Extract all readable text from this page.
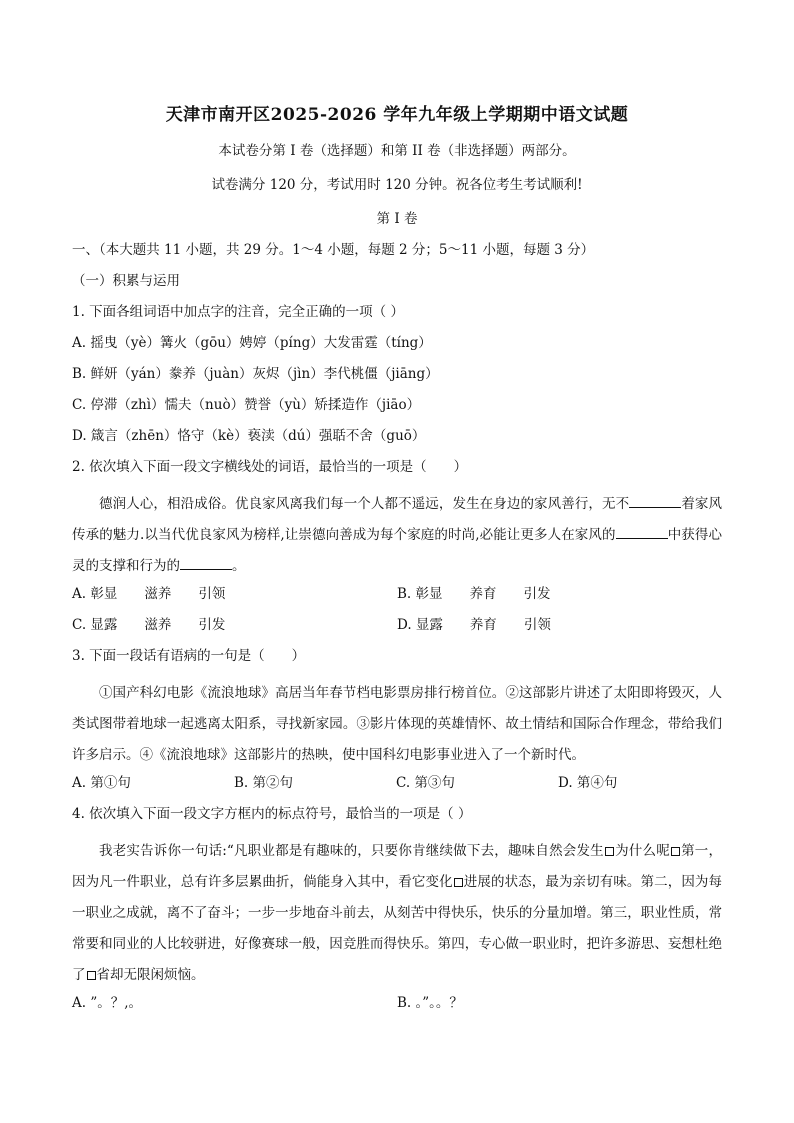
天津市南开区2025-2026 学年九年级上学期期中语文试题
本试卷分第 I 卷（选择题）和第 II 卷（非选择题）两部分。
试卷满分 120 分，考试用时 120 分钟。祝各位考生考试顺利!
第 I 卷
一、（本大题共 11 小题，共 29 分。1～4 小题，每题 2 分；5～11 小题，每题 3 分）
（一）积累与运用
1. 下面各组词语中加点字的注音，完全正确的一项（ ）
A. 摇曳（yè）篝火（gōu）娉婷（píng）大发雷霆（tíng）
B. 鲜妍（yán）豢养（juàn）灰烬（jìn）李代桃僵（jiāng）
C. 停滞（zhì）懦夫（nuò）赞誉（yù）矫揉造作（jiāo）
D. 箴言（zhēn）恪守（kè）亵渎（dú）强聒不舍（guō）
2. 依次填入下面一段文字横线处的词语，最恰当的一项是（　　）
德润人心，相沿成俗。优良家风离我们每一个人都不遥远，发生在身边的家风善行，无不	着家风传承的魅力.以当代优良家风为榜样,让崇德向善成为每个家庭的时尚,必能让更多人在家风的	中获得心灵的支撑和行为的	。
A. 彰显　　滋养　　引领	B. 彰显　　养育　　引发
C. 显露　　滋养　　引发	D. 显露　　养育　　引领
3. 下面一段话有语病的一句是（　　）
①国产科幻电影《流浪地球》高居当年春节档电影票房排行榜首位。②这部影片讲述了太阳即将毁灭，人类试图带着地球一起逃离太阳系，寻找新家园。③影片体现的英雄情怀、故土情结和国际合作理念，带给我们许多启示。④《流浪地球》这部影片的热映，使中国科幻电影事业进入了一个新时代。
A. 第①句	B. 第②句	C. 第③句	D. 第④句
4. 依次填入下面一段文字方框内的标点符号，最恰当的一项是（ ）
我老实告诉你一句话:“凡职业都是有趣味的，只要你肯继续做下去，趣味自然会发生 为什么呢 第一，因为凡一件职业，总有许多层累曲折，倘能身入其中，看它变化 进展的状态，最为亲切有味。第二，因为每一职业之成就，离不了奋斗；一步一步地奋斗前去，从刻苦中得快乐，快乐的分量加增。第三，职业性质，常常要和同业的人比较骈进，好像赛球一般，因竞胜而得快乐。第四，专心做一职业时，把许多游思、妄想杜绝了 省却无限闲烦恼。
A. ”。？,。	B. 。”。。？
